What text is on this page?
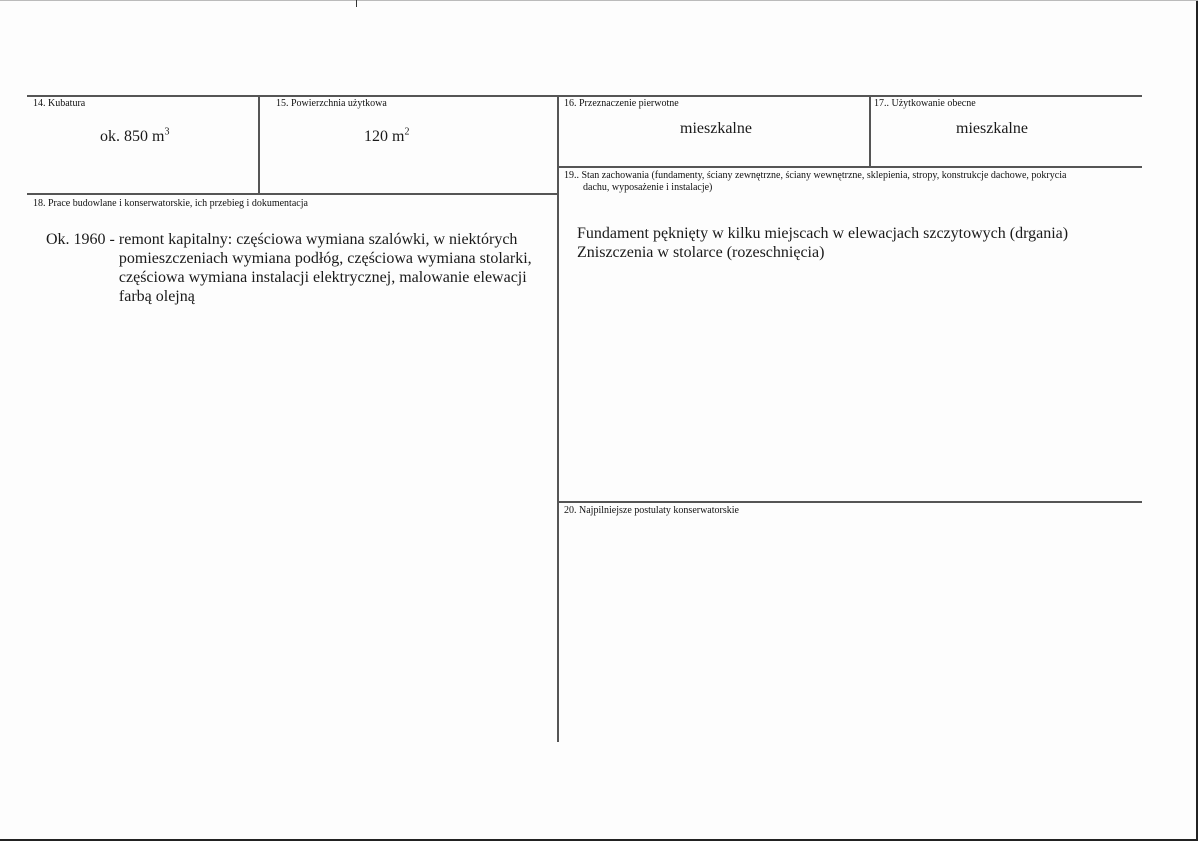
14. Kubatura
ok. 850 $m^3$
15. Powierzchnia użytkowa
120 $m^2$
16. Przeznaczenie pierwotne
mieszkalne
17.. Użytkowanie obecne
mieszkalne
18. Prace budowlane i konserwatorskie, ich przebieg i dokumentacja
Ok. 1960 - remont kapitalny: częściowa wymiana szalówki, w niektórych pomieszczeniach wymiana podłóg, częściowa wymiana stolarki, częściowa wymiana instalacji elektrycznej, malowanie elewacji farbą olejną
19.. Stan zachowania (fundamenty, ściany zewnętrzne, ściany wewnętrzne, sklepienia, stropy, konstrukcje dachowe, pokrycia
dachu, wyposażenie i instalacje)
Fundament pęknięty w kilku miejscach w elewacjach szczytowych (drgania)
Zniszczenia w stolarce (rozeschnięcia)
20. Najpilniejsze postulaty konserwatorskie
